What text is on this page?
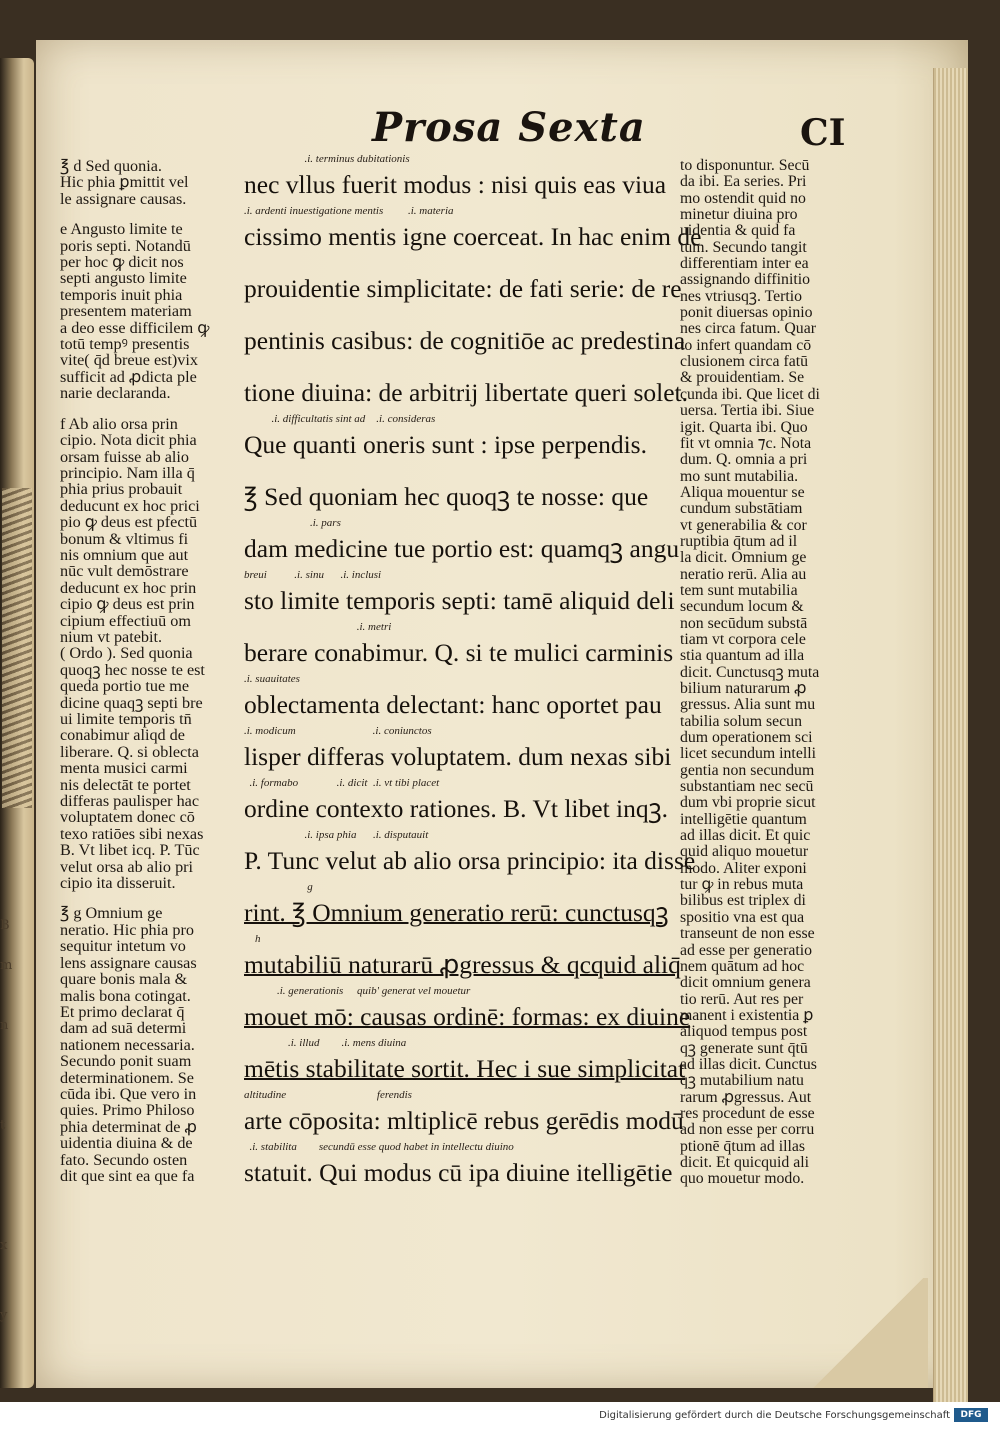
B
m
n
t
x
y
Prosa Sexta	CI
℥ d Sed quonia.
Hic phia ꝑmittit vel
le assignare causas.
e Angusto limite te
poris septi. Notandū
per hoc ꝙ dicit nos
septi angusto limite
temporis inuit phia
presentem materiam
a deo esse difficilem ꝙ
totū tempꝰ presentis
vite( q̄d breue est)vix
sufficit ad ꝓdicta ple
narie declaranda.
f Ab alio orsa prin
cipio. Nota dicit phia
orsam fuisse ab alio
principio. Nam illa q̄
phia prius probauit
deducunt ex hoc prici
pio ꝙ deus est pfectū
bonum & vltimus fi
nis omnium que aut
nūc vult demōstrare
deducunt ex hoc prin
cipio ꝙ deus est prin
cipium effectiuū om
nium vt patebit.
( Ordo ). Sed quonia
quoqꝫ hec nosse te est
queda portio tue me
dicine quaqꝫ septi bre
ui limite temporis tn̄
conabimur aliqd de
liberare. Q. si oblecta
menta musici carmi
nis delectāt te portet
differas paulisper hac
voluptatem donec cō
texo ratiōes sibi nexas
B. Vt libet icq. P. Tūc
velut orsa ab alio pri
cipio ita disseruit.
℥ g Omnium ge
neratio. Hic phia pro
sequitur intetum vo
lens assignare causas
quare bonis mala &
malis bona cotingat.
Et primo declarat q̄
dam ad suā determi
nationem necessaria.
Secundo ponit suam
determinationem. Se
cūda ibi. Que vero in
quies. Primo Philoso
phia determinat de ꝓ
uidentia diuina & de
fato. Secundo osten
dit que sint ea que fa
.i. terminus dubitationis
nec vllus fuerit modus : nisi quis eas viua
.i. ardenti inuestigatione mentis         .i. materia
cissimo mentis igne coerceat. In hac enim de
prouidentie simplicitate: de fati serie: de re
pentinis casibus: de cognitiōe ac predestina
tione diuina: de arbitrij libertate queri solet.
.i. difficultatis sint ad    .i. consideras
Que quanti oneris sunt : ipse perpendis.
℥ Sed quoniam hec quoqꝫ te nosse: que
.i. pars
dam medicine tue portio est: quamqꝫ angu
breui          .i. sinu      .i. inclusi
sto limite temporis septi: tamē aliquid deli
.i. metri
berare conabimur. Q. si te mulici carminis
.i. suauitates
oblectamenta delectant: hanc oportet pau
.i. modicum                            .i. coniunctos
lisper differas voluptatem. dum nexas sibi
.i. formabo              .i. dicit  .i. vt tibi placet
ordine contexto rationes. B. Vt libet inqꝫ.
.i. ipsa phia      .i. disputauit
P. Tunc velut ab alio orsa principio: ita disse
g
rint. ℥ Omnium generatio rerū: cunctusqꝫ
h
mutabiliū naturarū ꝓgressus & qcquid aliq̄
.i. generationis     quib' generat vel mouetur
mouet mō: causas ordinē: formas: ex diuine
.i. illud        .i. mens diuina
mētis stabilitate sortit. Hec i sue simplicitat
altitudine                                 ferendis
arte cōposita: mltiplicē rebus gerēdis modū
.i. stabilita        secundū esse quod habet in intellectu diuino
statuit. Qui modus cū ipa diuine itelligētie
to disponuntur. Secū
da ibi. Ea series. Pri
mo ostendit quid no
minetur diuina pro
uidentia & quid fa
tum. Secundo tangit
differentiam inter ea
assignando diffinitio
nes vtriusqꝫ. Tertio
ponit diuersas opinio
nes circa fatum. Quar
to infert quandam cō
clusionem circa fatū
& prouidentiam. Se
cunda ibi. Que licet di
uersa. Tertia ibi. Siue
igit. Quarta ibi. Quo
fit vt omnia ⁊c. Nota
dum. Q. omnia a pri
mo sunt mutabilia.
Aliqua mouentur se
cundum substātiam
vt generabilia & cor
ruptibia q̄tum ad il
la dicit. Omnium ge
neratio rerū. Alia au
tem sunt mutabilia
secundum locum &
non secūdum substā
tiam vt corpora cele
stia quantum ad illa
dicit. Cunctusqꝫ muta
bilium naturarum ꝓ
gressus. Alia sunt mu
tabilia solum secun
dum operationem sci
licet secundum intelli
gentia non secundum
substantiam nec secū
dum vbi proprie sicut
intelligētie quantum
ad illas dicit. Et quic
quid aliquo mouetur
modo. Aliter exponi
tur ꝙ in rebus muta
bilibus est triplex di
spositio vna est qua
transeunt de non esse
ad esse per generatio
nem quātum ad hoc
dicit omnium genera
tio rerū. Aut res per
manent i existentia ꝑ
aliquod tempus post
qꝫ generate sunt q̄tū
ad illas dicit. Cunctus
qꝫ mutabilium natu
rarum ꝓgressus. Aut
res procedunt de esse
ad non esse per corru
ptionē q̄tum ad illas
dicit. Et quicquid ali
quo mouetur modo.
Digitalisierung gefördert durch die Deutsche Forschungsgemeinschaft	DFG
